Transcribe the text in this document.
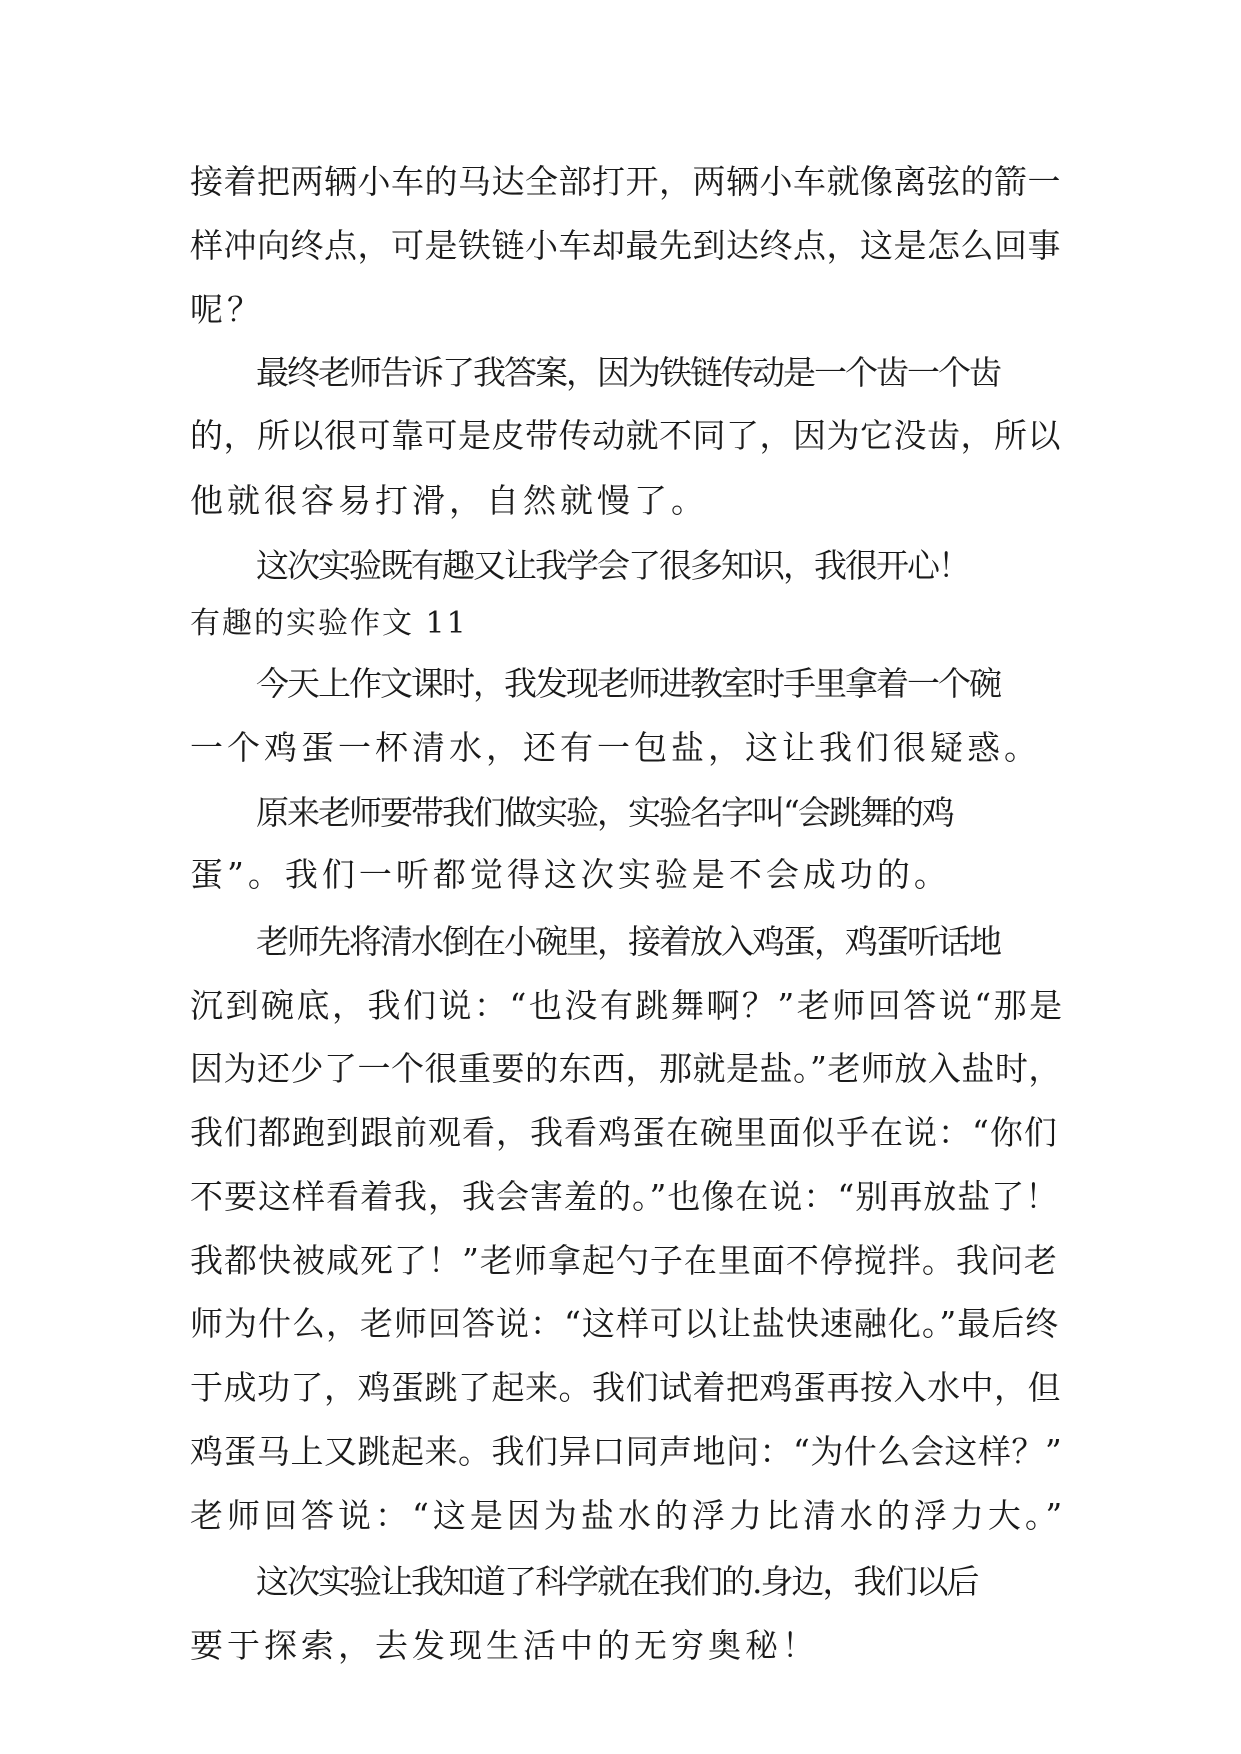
接着把两辆小车的马达全部打开，两辆小车就像离弦的箭一
样冲向终点，可是铁链小车却最先到达终点，这是怎么回事
呢？
最终老师告诉了我答案，因为铁链传动是一个齿一个齿
的，所以很可靠可是皮带传动就不同了，因为它没齿，所以
他就很容易打滑，自然就慢了。
这次实验既有趣又让我学会了很多知识，我很开心！
有趣的实验作文 11
今天上作文课时，我发现老师进教室时手里拿着一个碗
一个鸡蛋一杯清水，还有一包盐，这让我们很疑惑。
原来老师要带我们做实验，实验名字叫“会跳舞的鸡
蛋”。我们一听都觉得这次实验是不会成功的。
老师先将清水倒在小碗里，接着放入鸡蛋，鸡蛋听话地
沉到碗底，我们说：“也没有跳舞啊？”老师回答说“那是
因为还少了一个很重要的东西，那就是盐。”老师放入盐时，
我们都跑到跟前观看，我看鸡蛋在碗里面似乎在说：“你们
不要这样看着我，我会害羞的。”也像在说：“别再放盐了！
我都快被咸死了！”老师拿起勺子在里面不停搅拌。我问老
师为什么，老师回答说：“这样可以让盐快速融化。”最后终
于成功了，鸡蛋跳了起来。我们试着把鸡蛋再按入水中，但
鸡蛋马上又跳起来。我们异口同声地问：“为什么会这样？”
老师回答说：“这是因为盐水的浮力比清水的浮力大。”
这次实验让我知道了科学就在我们的.身边，我们以后
要于探索，去发现生活中的无穷奥秘！
